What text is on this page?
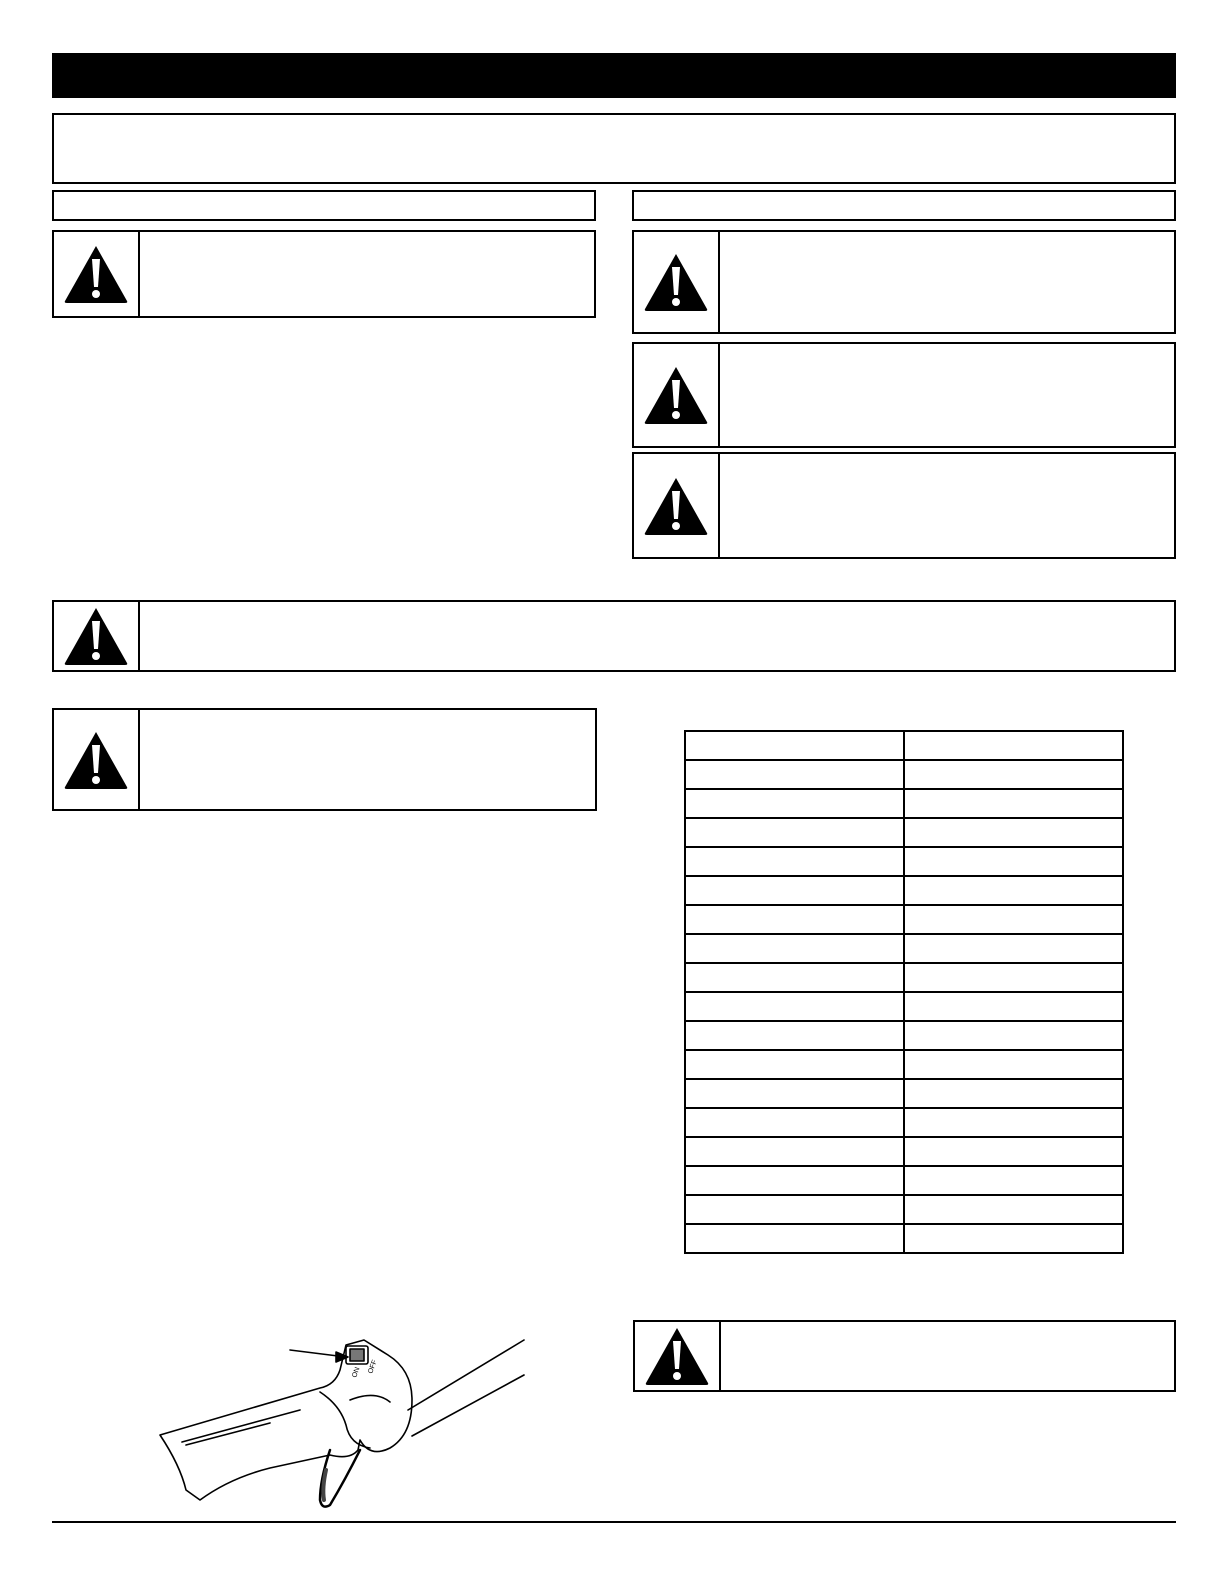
ON OFF
